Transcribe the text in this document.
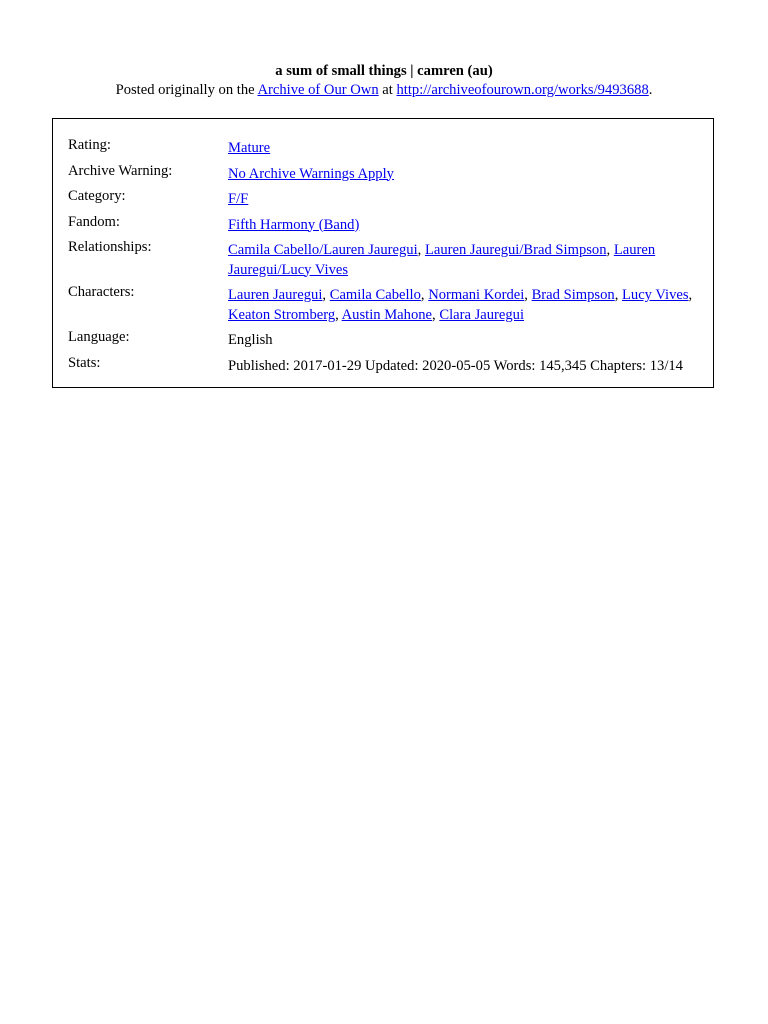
a sum of small things | camren (au)

Posted originally on the Archive of Our Own at http://archiveofourown.org/works/9493688.

Rating:	Mature
Archive Warning:	No Archive Warnings Apply
Category:	F/F
Fandom:	Fifth Harmony (Band)
Relationships:	Camila Cabello/Lauren Jauregui, Lauren Jauregui/Brad Simpson, Lauren Jauregui/Lucy Vives
Characters:	Lauren Jauregui, Camila Cabello, Normani Kordei, Brad Simpson, Lucy Vives, Keaton Stromberg, Austin Mahone, Clara Jauregui
Language:	English
Stats:	Published: 2017-01-29 Updated: 2020-05-05 Words: 145,345 Chapters: 13/14
